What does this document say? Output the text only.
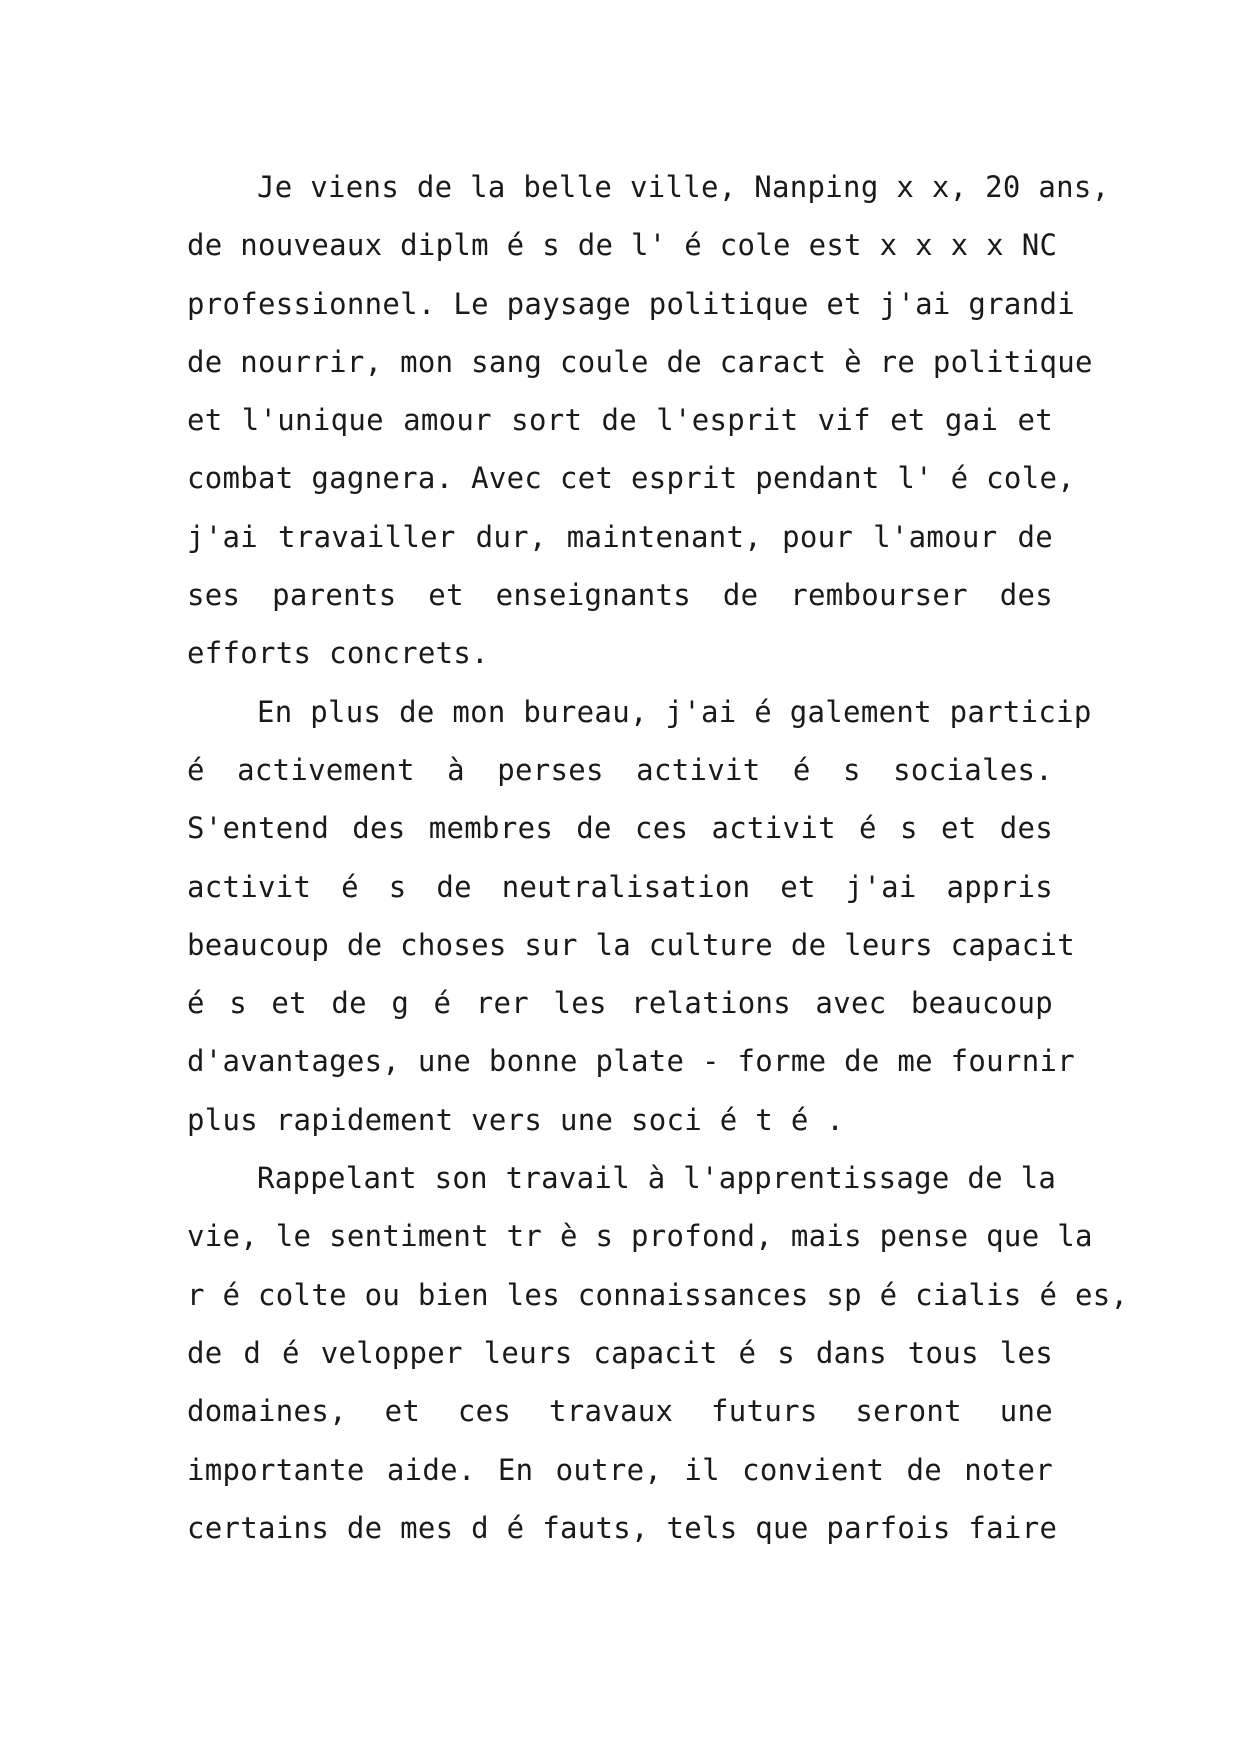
Je viens de la belle ville, Nanping x x, 20 ans,
de nouveaux diplm é s de l' é cole est x x x x NC
professionnel. Le paysage politique et j'ai grandi
de nourrir, mon sang coule de caract è re politique
et l'unique amour sort de l'esprit vif et gai et
combat gagnera. Avec cet esprit pendant l' é cole,
j'ai travailler dur, maintenant, pour l'amour de
ses parents et enseignants de rembourser des
efforts concrets.
En plus de mon bureau, j'ai é galement particip
é activement à perses activit é s sociales.
S'entend des membres de ces activit é s et des
activit é s de neutralisation et j'ai appris
beaucoup de choses sur la culture de leurs capacit
é s et de g é rer les relations avec beaucoup
d'avantages, une bonne plate - forme de me fournir
plus rapidement vers une soci é t é .
Rappelant son travail à l'apprentissage de la
vie, le sentiment tr è s profond, mais pense que la
r é colte ou bien les connaissances sp é cialis é es,
de d é velopper leurs capacit é s dans tous les
domaines, et ces travaux futurs seront une
importante aide. En outre, il convient de noter
certains de mes d é fauts, tels que parfois faire
